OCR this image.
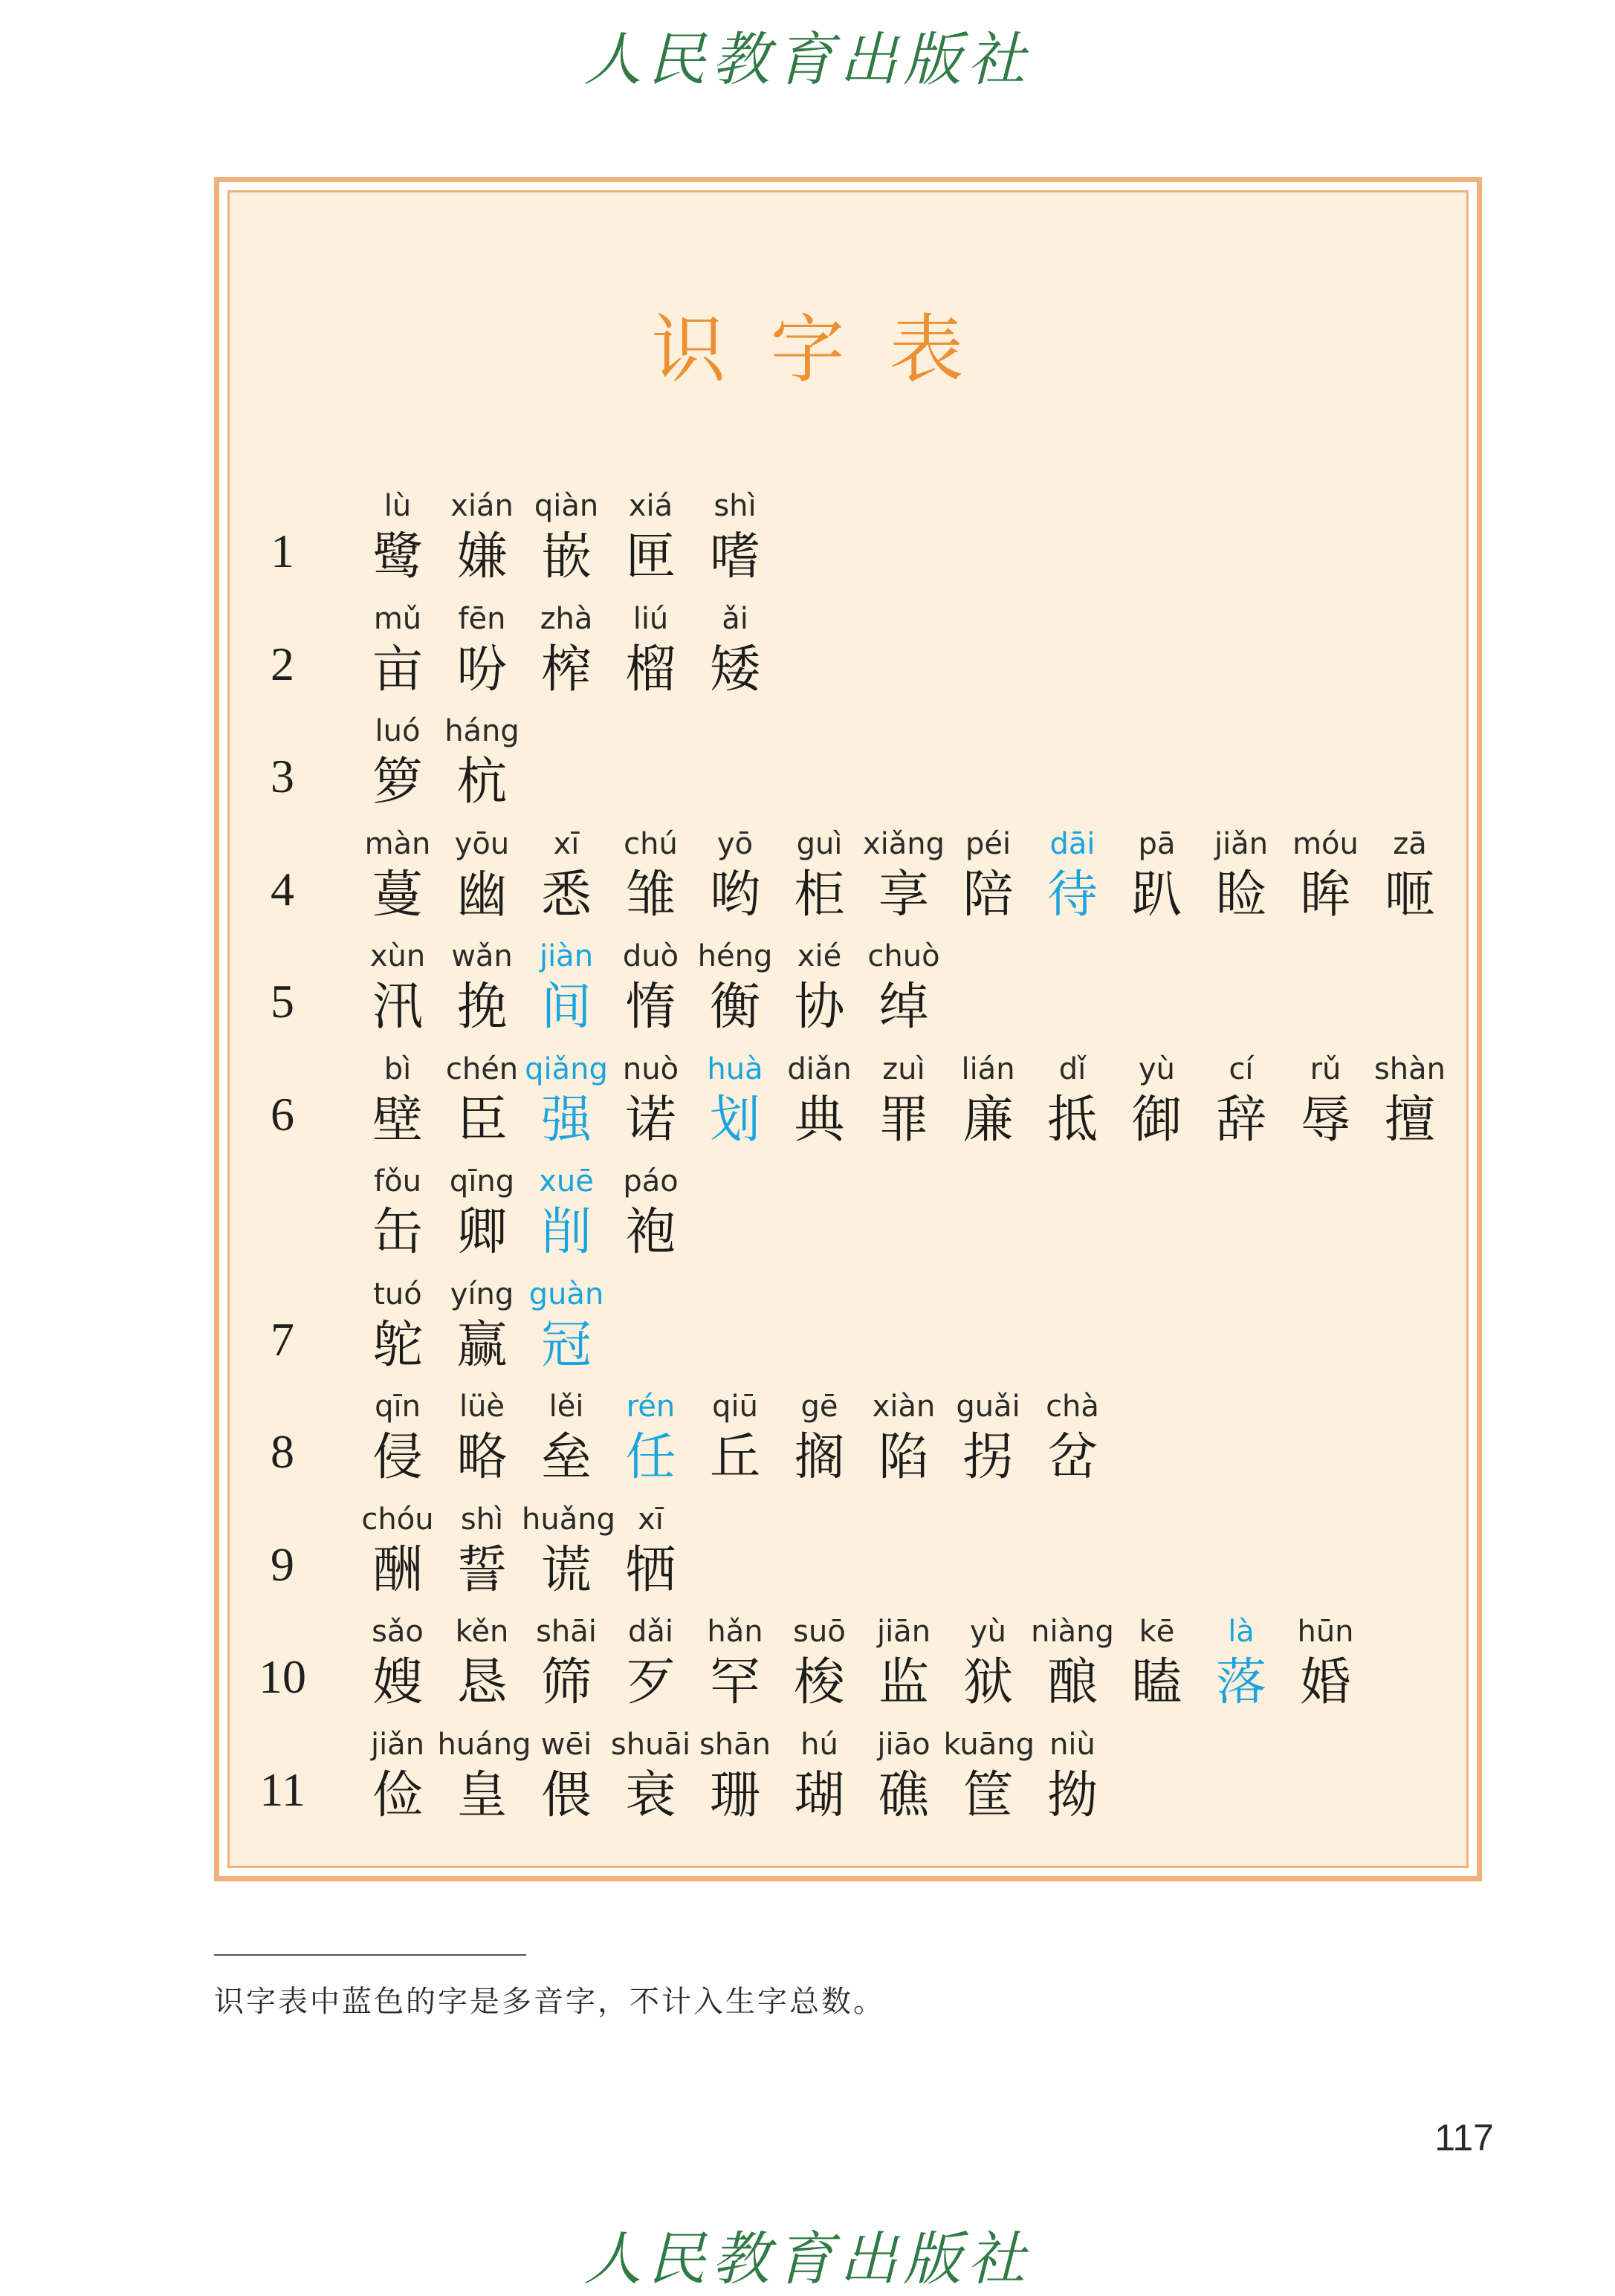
人民教育出版社
识字表
1
lù
鹭
xián
嫌
qiàn
嵌
xiá
匣
shì
嗜
2
mǔ
亩
fēn
吩
zhà
榨
liú
榴
ǎi
矮
3
luó
箩
háng
杭
4
màn
蔓
yōu
幽
xī
悉
chú
雏
yō
哟
guì
柜
xiǎng
享
péi
陪
dāi
待
pā
趴
jiǎn
睑
móu
眸
zā
咂
5
xùn
汛
wǎn
挽
jiàn
间
duò
惰
héng
衡
xié
协
chuò
绰
6
bì
壁
chén
臣
qiǎng
强
nuò
诺
huà
划
diǎn
典
zuì
罪
lián
廉
dǐ
抵
yù
御
cí
辞
rǔ
辱
shàn
擅
fǒu
缶
qīng
卿
xuē
削
páo
袍
7
tuó
鸵
yíng
赢
guàn
冠
8
qīn
侵
lüè
略
lěi
垒
rén
任
qiū
丘
gē
搁
xiàn
陷
guǎi
拐
chà
岔
9
chóu
酬
shì
誓
huǎng
谎
xī
牺
10
sǎo
嫂
kěn
恳
shāi
筛
dǎi
歹
hǎn
罕
suō
梭
jiān
监
yù
狱
niàng
酿
kē
瞌
là
落
hūn
婚
11
jiǎn
俭
huáng
皇
wēi
偎
shuāi
衰
shān
珊
hú
瑚
jiāo
礁
kuāng
筐
niù
拗
识字表中蓝色的字是多音字，不计入生字总数。
117
人民教育出版社
